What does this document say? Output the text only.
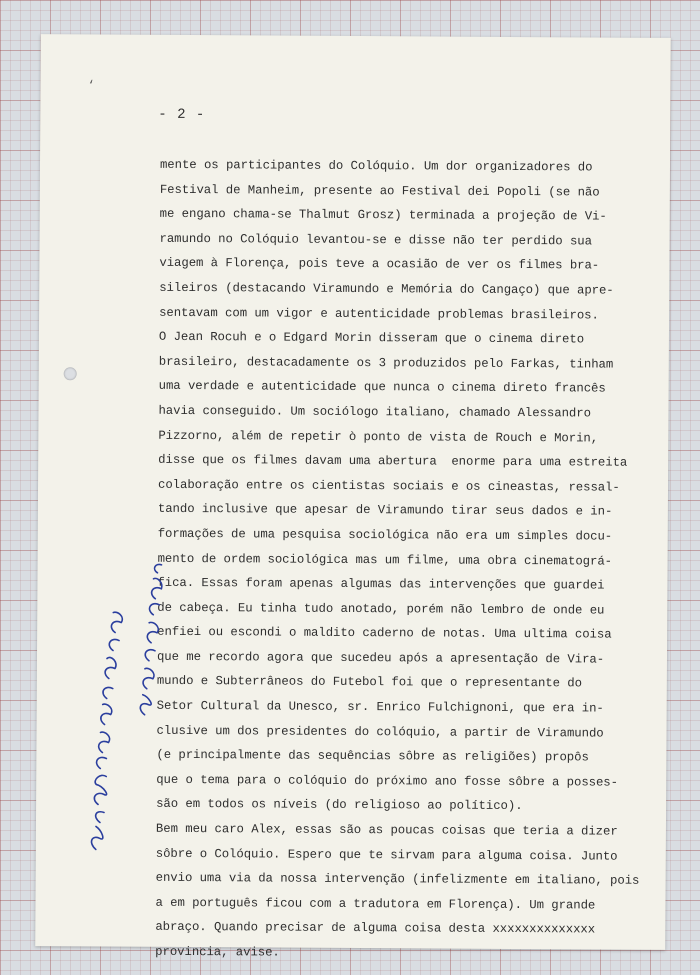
‘
- 2 -
mente os participantes do Colóquio. Um dor organizadores do
Festival de Manheim, presente ao Festival dei Popoli (se não
me engano chama-se Thalmut Grosz) terminada a projeção de Vi-
ramundo no Colóquio levantou-se e disse não ter perdido sua
viagem à Florença, pois teve a ocasião de ver os filmes bra-
sileiros (destacando Viramundo e Memória do Cangaço) que apre-
sentavam com um vigor e autenticidade problemas brasileiros.
O Jean Rocuh e o Edgard Morin disseram que o cinema direto
brasileiro, destacadamente os 3 produzidos pelo Farkas, tinham
uma verdade e autenticidade que nunca o cinema direto francês
havia conseguido. Um sociólogo italiano, chamado Alessandro
Pizzorno, além de repetir ò ponto de vista de Rouch e Morin,
disse que os filmes davam uma abertura  enorme para uma estreita
colaboração entre os cientistas sociais e os cineastas, ressal-
tando inclusive que apesar de Viramundo tirar seus dados e in-
formações de uma pesquisa sociológica não era um simples docu-
mento de ordem sociológica mas um filme, uma obra cinematográ-
fica. Essas foram apenas algumas das intervenções que guardei
de cabeça. Eu tinha tudo anotado, porém não lembro de onde eu
enfiei ou escondi o maldito caderno de notas. Uma ultima coisa
que me recordo agora que sucedeu após a apresentação de Vira-
mundo e Subterrâneos do Futebol foi que o representante do
Setor Cultural da Unesco, sr. Enrico Fulchignoni, que era in-
clusive um dos presidentes do colóquio, a partir de Viramundo
(e principalmente das sequências sôbre as religiões) propôs
que o tema para o colóquio do próximo ano fosse sôbre a posses-
são em todos os níveis (do religioso ao político).
Bem meu caro Alex, essas são as poucas coisas que teria a dizer
sôbre o Colóquio. Espero que te sirvam para alguma coisa. Junto
envio uma via da nossa intervenção (infelizmente em italiano, pois
a em português ficou com a tradutora em Florença). Um grande
abraço. Quando precisar de alguma coisa desta xxxxxxxxxxxxxx
provincia, avise.
